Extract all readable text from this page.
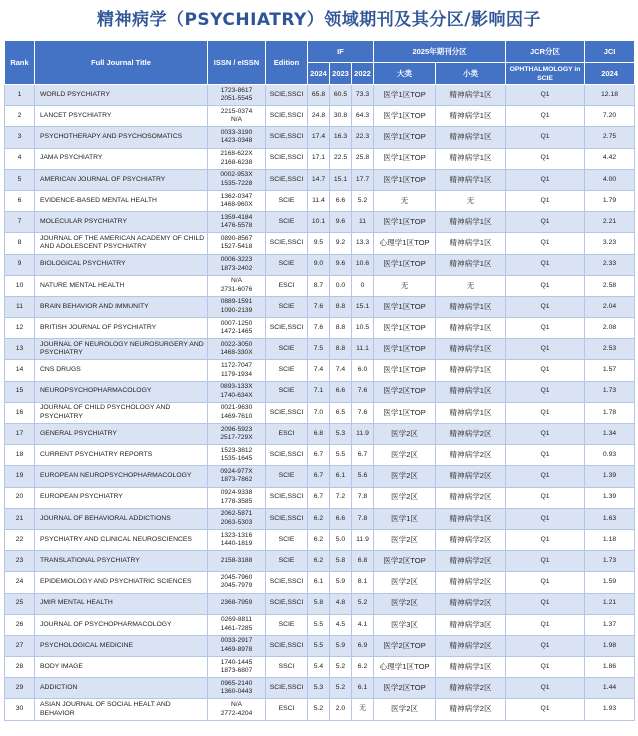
精神病学（PSYCHIATRY）领域期刊及其分区/影响因子
Rank	Full Journal Title	ISSN / eISSN	Edition	IF			2025年期刊分区		JCR分区	JCI
				2024	2023	2022	大类	小类	OPHTHALMOLOGY in SCIE	2024
1	WORLD PSYCHIATRY	1723-8617
2051-5545	SCIE,SSCI	65.8	60.5	73.3	医学1区TOP	精神病学1区	Q1	12.18
2	LANCET PSYCHIATRY	2215-0374
N/A	SCIE,SSCI	24.8	30.8	64.3	医学1区TOP	精神病学1区	Q1	7.20
3	PSYCHOTHERAPY AND PSYCHOSOMATICS	0033-3190
1423-0348	SCIE,SSCI	17.4	16.3	22.3	医学1区TOP	精神病学1区	Q1	2.75
4	JAMA PSYCHIATRY	2168-622X
2168-6238	SCIE,SSCI	17.1	22.5	25.8	医学1区TOP	精神病学1区	Q1	4.42
5	AMERICAN JOURNAL OF PSYCHIATRY	0002-953X
1535-7228	SCIE,SSCI	14.7	15.1	17.7	医学1区TOP	精神病学1区	Q1	4.00
6	EVIDENCE-BASED MENTAL HEALTH	1362-0347
1468-960X	SCIE	11.4	6.6	5.2	无	无	Q1	1.79
7	MOLECULAR PSYCHIATRY	1359-4184
1476-5578	SCIE	10.1	9.6	11	医学1区TOP	精神病学1区	Q1	2.21
8	JOURNAL OF THE AMERICAN ACADEMY OF CHILD AND ADOLESCENT PSYCHIATRY	0890-8567
1527-5418	SCIE,SSCI	9.5	9.2	13.3	心理学1区TOP	精神病学1区	Q1	3.23
9	BIOLOGICAL PSYCHIATRY	0006-3223
1873-2402	SCIE	9.0	9.6	10.6	医学1区TOP	精神病学1区	Q1	2.33
10	NATURE MENTAL HEALTH	N/A
2731-6076	ESCI	8.7	0.0	0	无	无	Q1	2.58
11	BRAIN BEHAVIOR AND IMMUNITY	0889-1591
1090-2139	SCIE	7.6	8.8	15.1	医学1区TOP	精神病学1区	Q1	2.04
12	BRITISH JOURNAL OF PSYCHIATRY	0007-1250
1472-1465	SCIE,SSCI	7.6	8.8	10.5	医学1区TOP	精神病学1区	Q1	2.08
13	JOURNAL OF NEUROLOGY NEUROSURGERY AND PSYCHIATRY	0022-3050
1468-330X	SCIE	7.5	8.8	11.1	医学1区TOP	精神病学1区	Q1	2.53
14	CNS DRUGS	1172-7047
1179-1934	SCIE	7.4	7.4	6.0	医学1区TOP	精神病学1区	Q1	1.57
15	NEUROPSYCHOPHARMACOLOGY	0893-133X
1740-634X	SCIE	7.1	6.6	7.6	医学2区TOP	精神病学1区	Q1	1.73
16	JOURNAL OF CHILD PSYCHOLOGY AND PSYCHIATRY	0021-9630
1469-7610	SCIE,SSCI	7.0	6.5	7.6	医学1区TOP	精神病学1区	Q1	1.78
17	GENERAL PSYCHIATRY	2096-5923
2517-729X	ESCI	6.8	5.3	11.9	医学2区	精神病学2区	Q1	1.34
18	CURRENT PSYCHIATRY REPORTS	1523-3812
1535-1645	SCIE,SSCI	6.7	5.5	6.7	医学2区	精神病学2区	Q1	0.93
19	EUROPEAN NEUROPSYCHOPHARMACOLOGY	0924-977X
1873-7862	SCIE	6.7	6.1	5.6	医学2区	精神病学2区	Q1	1.39
20	EUROPEAN PSYCHIATRY	0924-9338
1778-3585	SCIE,SSCI	6.7	7.2	7.8	医学2区	精神病学2区	Q1	1.39
21	JOURNAL OF BEHAVIORAL ADDICTIONS	2062-5871
2063-5303	SCIE,SSCI	6.2	6.6	7.8	医学1区	精神病学1区	Q1	1.63
22	PSYCHIATRY AND CLINICAL NEUROSCIENCES	1323-1316
1440-1819	SCIE	6.2	5.0	11.9	医学2区	精神病学2区	Q1	1.18
23	TRANSLATIONAL PSYCHIATRY	2158-3188	SCIE	6.2	5.8	6.8	医学2区TOP	精神病学2区	Q1	1.73
24	EPIDEMIOLOGY AND PSYCHIATRIC SCIENCES	2045-7960
2045-7979	SCIE,SSCI	6.1	5.9	8.1	医学2区	精神病学2区	Q1	1.59
25	JMIR MENTAL HEALTH	2368-7959	SCIE,SSCI	5.8	4.8	5.2	医学2区	精神病学2区	Q1	1.21
26	JOURNAL OF PSYCHOPHARMACOLOGY	0269-8811
1461-7285	SCIE	5.5	4.5	4.1	医学3区	精神病学3区	Q1	1.37
27	PSYCHOLOGICAL MEDICINE	0033-2917
1469-8978	SCIE,SSCI	5.5	5.9	6.9	医学2区TOP	精神病学2区	Q1	1.98
28	BODY IMAGE	1740-1445
1873-6807	SSCI	5.4	5.2	6.2	心理学1区TOP	精神病学1区	Q1	1.86
29	ADDICTION	0965-2140
1360-0443	SCIE,SSCI	5.3	5.2	6.1	医学2区TOP	精神病学2区	Q1	1.44
30	ASIAN JOURNAL OF SOCIAL HEALT AND BEHAVIOR	N/A
2772-4204	ESCI	5.2	2.0	无	医学2区	精神病学2区	Q1	1.93
